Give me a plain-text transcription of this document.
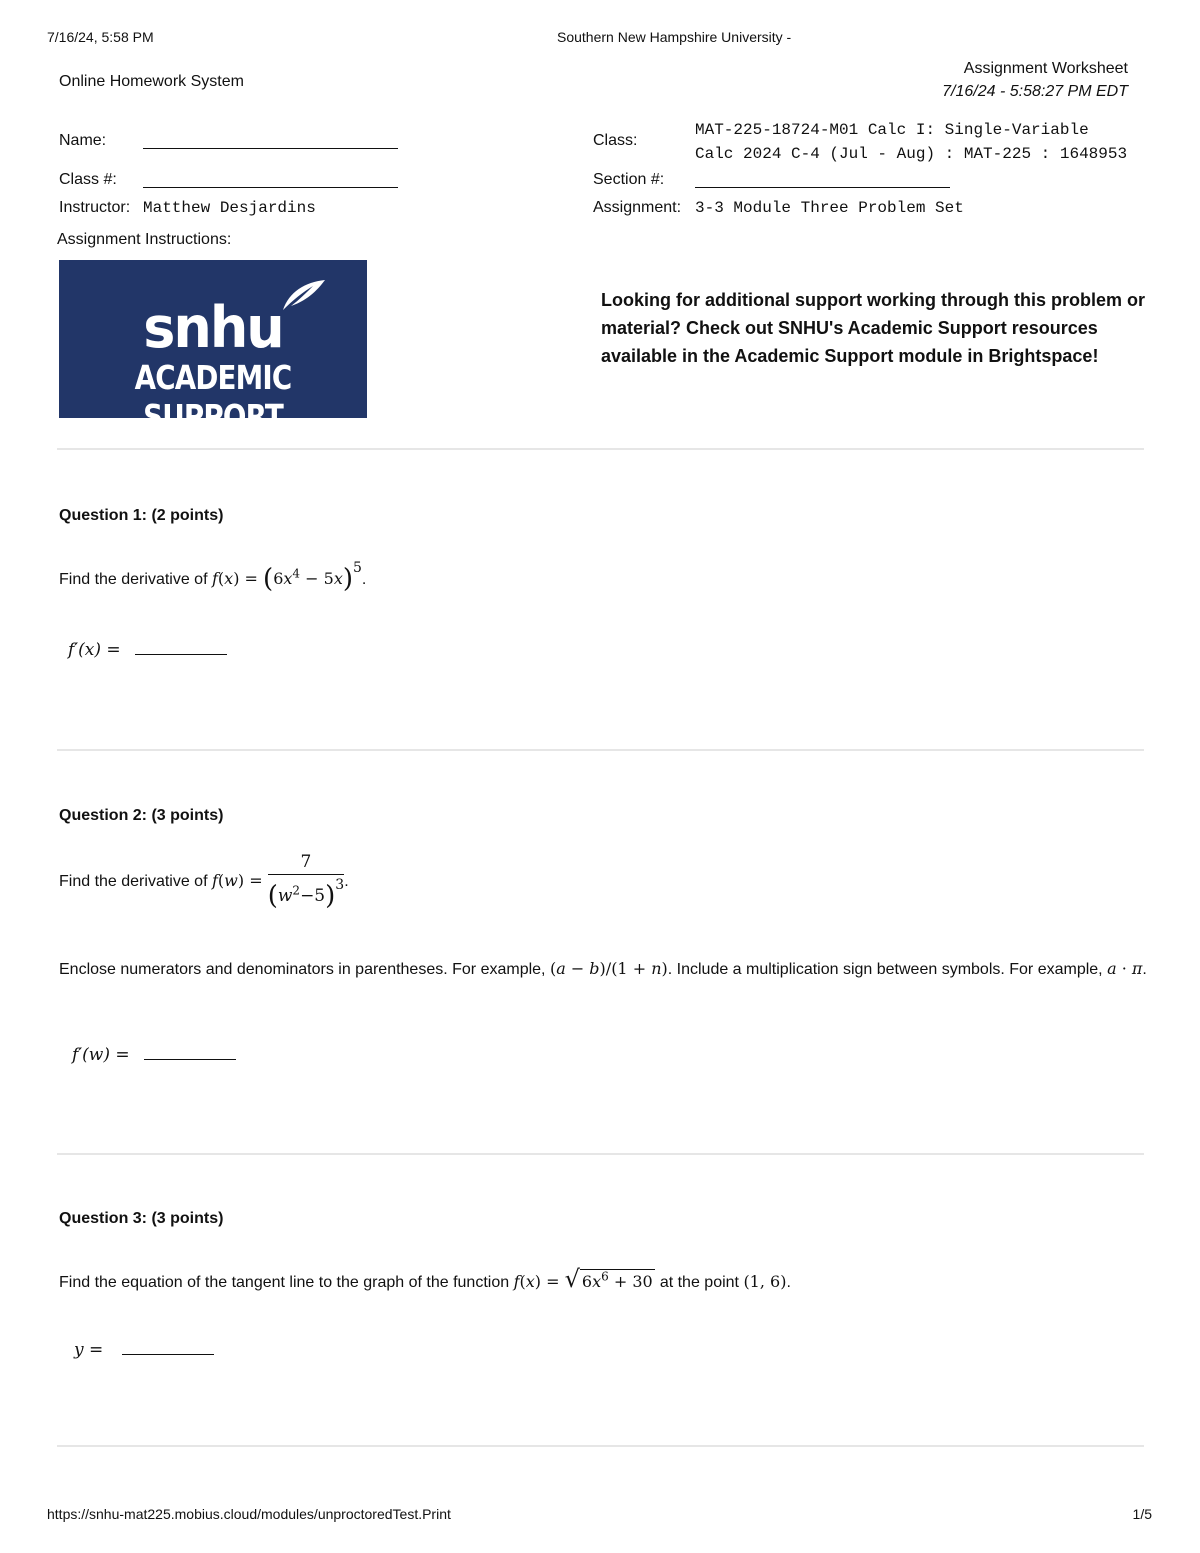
7/16/24, 5:58 PM	Southern New Hampshire University -
Online Homework System
Assignment Worksheet
7/16/24 - 5:58:27 PM EDT
Name:
Class #:
Instructor: Matthew Desjardins
Assignment Instructions:
Class:
MAT-225-18724-M01 Calc I: Single-Variable
Calc 2024 C-4 (Jul - Aug) : MAT-225 : 1648953
Section #:
Assignment: 3-3 Module Three Problem Set
snhu
ACADEMIC SUPPORT
Looking for additional support working through this problem or material? Check out SNHU's Academic Support resources available in the Academic Support module in Brightspace!
Question 1: (2 points)
Find the derivative of $f(x) = (6x^4 - 5x)^5$.
f′(x) =
Question 2: (3 points)
Find the derivative of $f(w) = \frac{7}{(w^2-5)^3}$ .
Enclose numerators and denominators in parentheses. For example, (a − b)/(1 + n). Include a multiplication sign between symbols. For example, a · π.
f′(w) =
Question 3: (3 points)
Find the equation of the tangent line to the graph of the function f(x) = √ $6x^6 + 30$ at the point (1, 6).
y =
https://snhu-mat225.mobius.cloud/modules/unproctoredTest.Print	1/5
